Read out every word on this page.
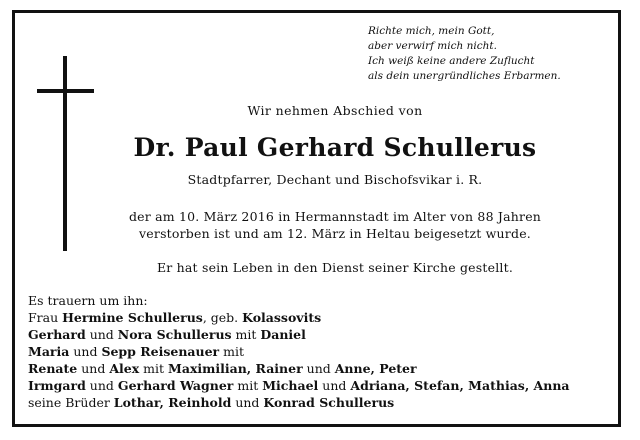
Richte mich, mein Gott,
aber verwirf mich nicht.
Ich weiß keine andere Zuflucht
als dein unergründliches Erbarmen.
Wir nehmen Abschied von
Dr. Paul Gerhard Schullerus
Stadtpfarrer, Dechant und Bischofsvikar i. R.
der am 10. März 2016 in Hermannstadt im Alter von 88 Jahren
verstorben ist und am 12. März in Heltau beigesetzt wurde.
Er hat sein Leben in den Dienst seiner Kirche gestellt.
Es trauern um ihn:
Frau Hermine Schullerus, geb. Kolassovits
Gerhard und Nora Schullerus mit Daniel
Maria und Sepp Reisenauer mit
Renate und Alex mit Maximilian, Rainer und Anne, Peter
Irmgard und Gerhard Wagner mit Michael und Adriana, Stefan, Mathias, Anna
seine Brüder Lothar, Reinhold und Konrad Schullerus
